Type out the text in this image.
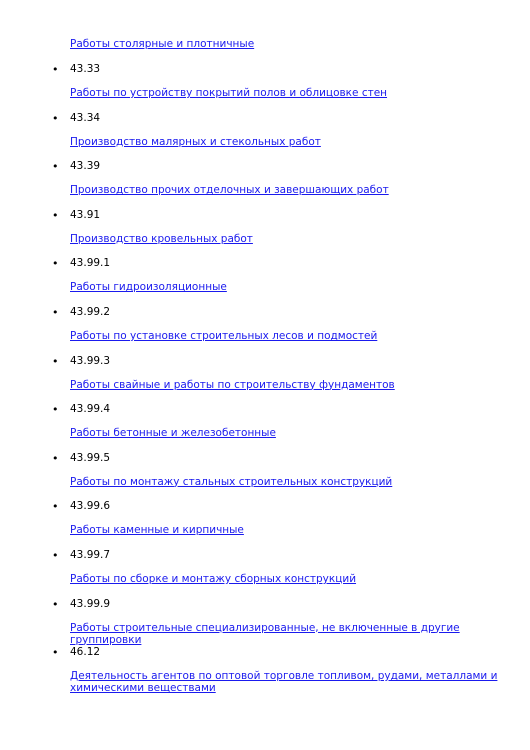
Работы столярные и плотничные
• 43.33
Работы по устройству покрытий полов и облицовке стен
• 43.34
Производство малярных и стекольных работ
• 43.39
Производство прочих отделочных и завершающих работ
• 43.91
Производство кровельных работ
• 43.99.1
Работы гидроизоляционные
• 43.99.2
Работы по установке строительных лесов и подмостей
• 43.99.3
Работы свайные и работы по строительству фундаментов
• 43.99.4
Работы бетонные и железобетонные
• 43.99.5
Работы по монтажу стальных строительных конструкций
• 43.99.6
Работы каменные и кирпичные
• 43.99.7
Работы по сборке и монтажу сборных конструкций
• 43.99.9
Работы строительные специализированные, не включенные в другие группировки
• 46.12
Деятельность агентов по оптовой торговле топливом, рудами, металлами и химическими веществами
